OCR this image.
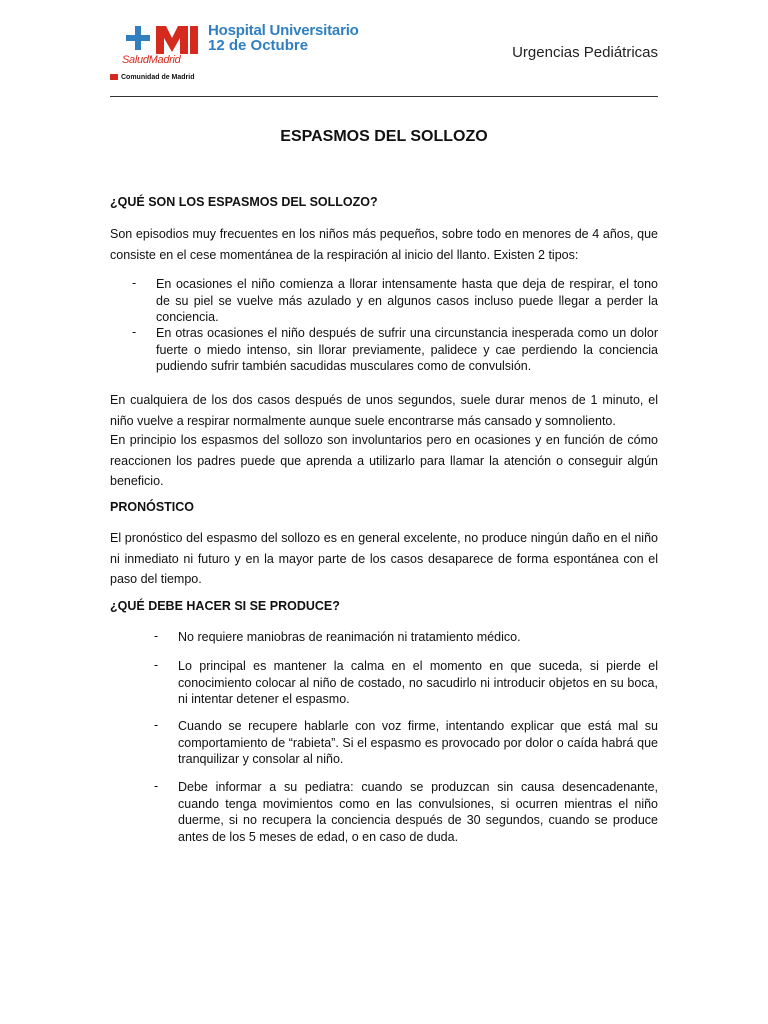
Hospital Universitario
12 de Octubre
SaludMadrid
Comunidad de Madrid
Urgencias Pediátricas
ESPASMOS DEL SOLLOZO
¿QUÉ SON LOS ESPASMOS DEL SOLLOZO?
Son episodios muy frecuentes en los niños más pequeños, sobre todo en menores de 4 años, que consiste en el cese momentánea de la respiración al inicio del llanto. Existen 2 tipos:
- En ocasiones el niño comienza a llorar intensamente hasta que deja de respirar, el tono de su piel se vuelve más azulado y en algunos casos incluso puede llegar a perder la conciencia.
- En otras ocasiones el niño después de sufrir una circunstancia inesperada como un dolor fuerte o miedo intenso, sin llorar previamente, palidece y cae perdiendo la conciencia pudiendo sufrir también sacudidas musculares como de convulsión.
En cualquiera de los dos casos después de unos segundos, suele durar menos de 1 minuto, el niño vuelve a respirar normalmente aunque suele encontrarse más cansado y somnoliento.
En principio los espasmos del sollozo son involuntarios pero en ocasiones y en función de cómo reaccionen los padres puede que aprenda a utilizarlo para llamar la atención o conseguir algún beneficio.
PRONÓSTICO
El pronóstico del espasmo del sollozo es en general excelente, no produce ningún daño en el niño ni inmediato ni futuro y en la mayor parte de los casos desaparece de forma espontánea con el paso del tiempo.
¿QUÉ DEBE HACER SI SE PRODUCE?
- No requiere maniobras de reanimación ni tratamiento médico.
- Lo principal es mantener la calma en el momento en que suceda, si pierde el conocimiento colocar al niño de costado, no sacudirlo ni introducir objetos en su boca, ni intentar detener el espasmo.
- Cuando se recupere hablarle con voz firme, intentando explicar que está mal su comportamiento de “rabieta”. Si el espasmo es provocado por dolor o caída habrá que tranquilizar y consolar al niño.
- Debe informar a su pediatra: cuando se produzcan sin causa desencadenante, cuando tenga movimientos como en las convulsiones, si ocurren mientras el niño duerme, si no recupera la conciencia después de 30 segundos, cuando se produce antes de los 5 meses de edad, o en caso de duda.
